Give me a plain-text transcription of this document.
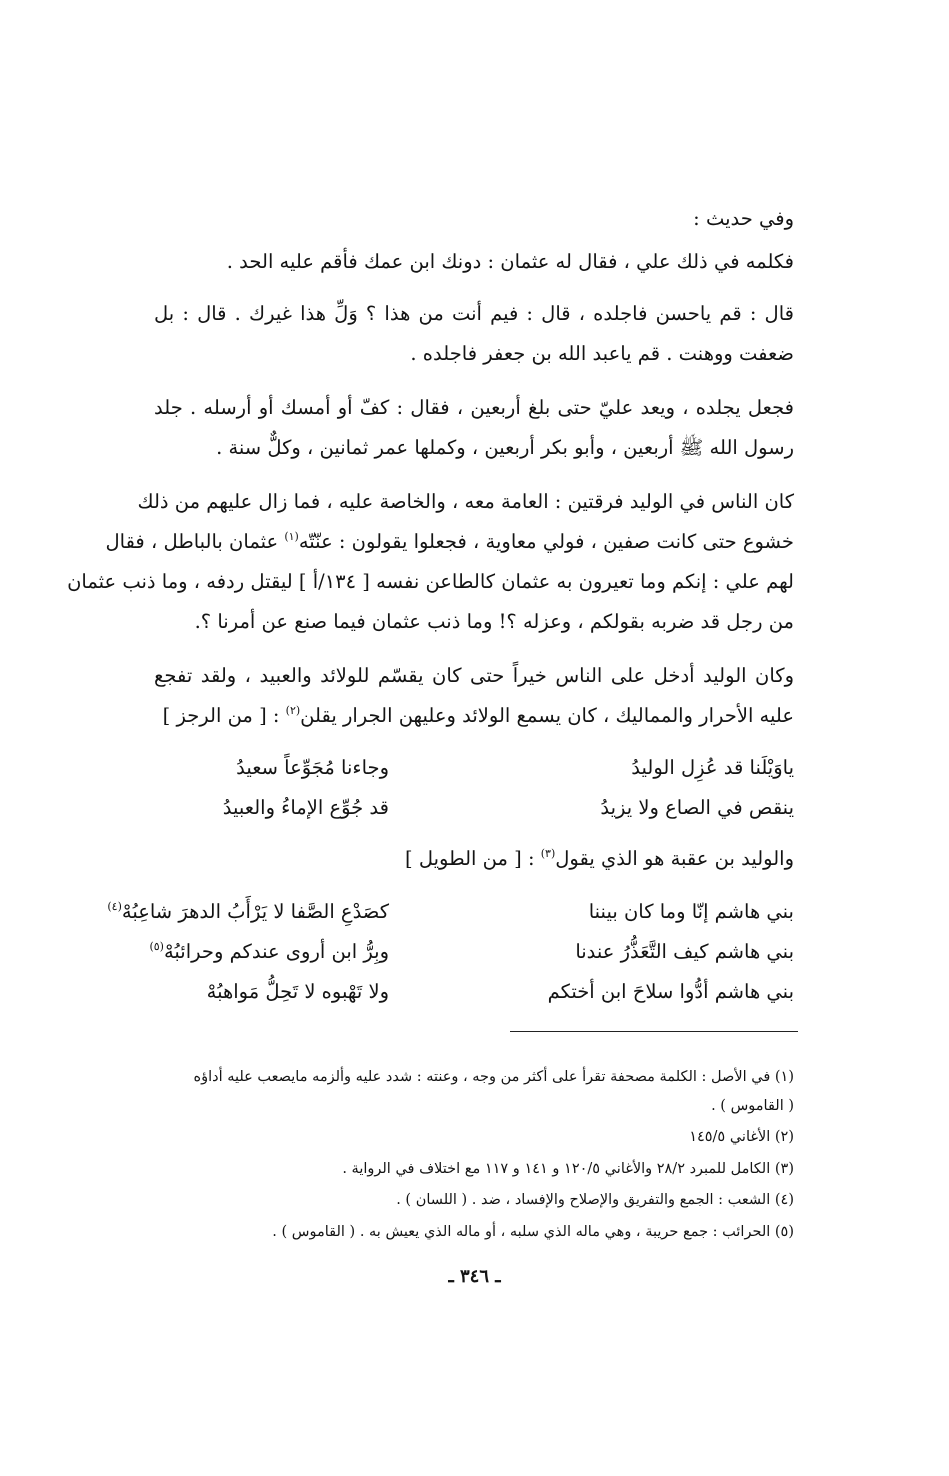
وفي حديث :
فكلمه في ذلك علي ، فقال له عثمان : دونك ابن عمك فأقم عليه الحد .
قال : قم ياحسن فاجلده ، قال : فيم أنت من هذا ؟ وَلِّ هذا غيرك . قال : بل
ضعفت ووهنت . قم ياعبد الله بن جعفر فاجلده .
فجعل يجلده ، ويعد عليّ حتى بلغ أربعين ، فقال : كفّ أو أمسك أو أرسله . جلد
رسول الله ﷺ أربعين ، وأبو بكر أربعين ، وكملها عمر ثمانين ، وكلٌّ سنة .
كان الناس في الوليد فرقتين : العامة معه ، والخاصة عليه ، فما زال عليهم من ذلك
خشوع حتى كانت صفين ، فولي معاوية ، فجعلوا يقولون : عنّتّه$^{(١)}$ عثمان بالباطل ، فقال
لهم علي : إنكم وما تعيرون به عثمان كالطاعن نفسه [ ١٣٤/أ ] ليقتل ردفه ، وما ذنب عثمان
من رجل قد ضربه بقولكم ، وعزله ؟! وما ذنب عثمان فيما صنع عن أمرنا ؟.
وكان الوليد أدخل على الناس خيراً حتى كان يقسّم للولائد والعبيد ، ولقد تفجع
عليه الأحرار والمماليك ، كان يسمع الولائد وعليهن الجرار يقلن$^{(٢)}$ : [ من الرجز ]
ياوَيْلَنا قد عُزِل الوليدُ
وجاءنا مُجَوِّعاً سعيدُ
ينقص في الصاع ولا يزيدُ
قد جُوِّع الإماءُ والعبيدُ
والوليد بن عقبة هو الذي يقول$^{(٣)}$ : [ من الطويل ]
بني هاشم إنّا وما كان بيننا
كصَدْعِ الصَّفا لا يَرْأَبُ الدهرَ شاعِبُهْ$^{(٤)}$
بني هاشم كيف التَّعَذُّرُ عندنا
وبِرُّ ابن أروى عندكم وحرائبُهْ$^{(٥)}$
بني هاشم أدُّوا سلاحَ ابن أختكم
ولا تَهْبوه لا تَحِلُّ مَواهبُهْ
(١) في الأصل : الكلمة مصحفة تقرأ على أكثر من وجه ، وعنته : شدد عليه وألزمه مايصعب عليه أداؤه
( القاموس ) .
(٢) الأغاني ١٤٥/٥
(٣) الكامل للمبرد ٢٨/٢ والأغاني ١٢٠/٥ و ١٤١ و ١١٧ مع اختلاف في الرواية .
(٤) الشعب : الجمع والتفريق والإصلاح والإفساد ، ضد . ( اللسان ) .
(٥) الحرائب : جمع حريبة ، وهي ماله الذي سلبه ، أو ماله الذي يعيش به . ( القاموس ) .
ـ ٣٤٦ ـ
